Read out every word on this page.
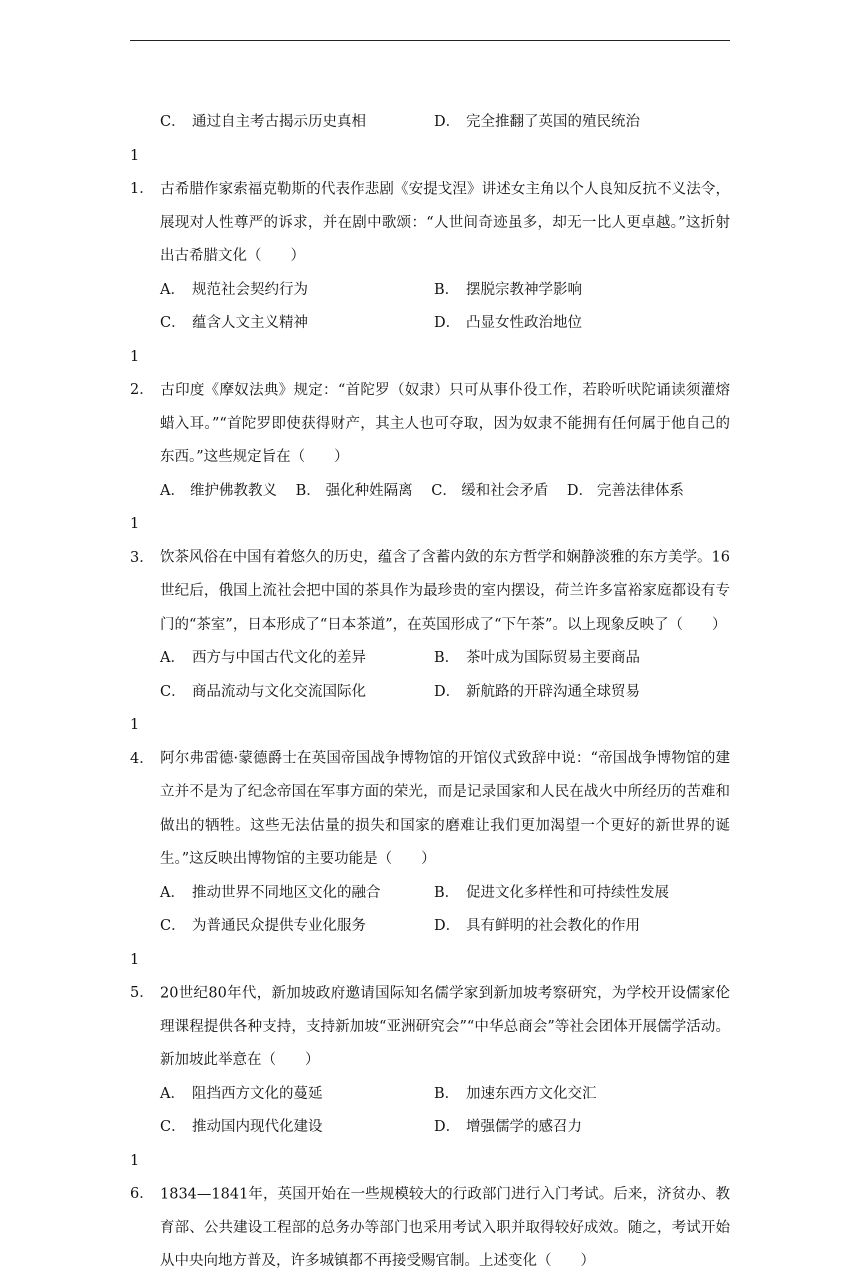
C． 通过自主考古揭示历史真相	D． 完全推翻了英国的殖民统治
11． 古希腊作家索福克勒斯的代表作悲剧《安提戈涅》讲述女主角以个人良知反抗不义法令，展现对人性尊严的诉求，并在剧中歌颂：“人世间奇迹虽多，却无一比人更卓越。”这折射出古希腊文化（　　）
A． 规范社会契约行为	B． 摆脱宗教神学影响
C． 蕴含人文主义精神	D． 凸显女性政治地位
12． 古印度《摩奴法典》规定：“首陀罗（奴隶）只可从事仆役工作，若聆听吠陀诵读须灌熔蜡入耳。”“首陀罗即使获得财产，其主人也可夺取，因为奴隶不能拥有任何属于他自己的东西。”这些规定旨在（　　）
A． 维护佛教教义 B． 强化种姓隔离 C． 缓和社会矛盾 D． 完善法律体系
13． 饮茶风俗在中国有着悠久的历史，蕴含了含蓄内敛的东方哲学和娴静淡雅的东方美学。16世纪后，俄国上流社会把中国的茶具作为最珍贵的室内摆设，荷兰许多富裕家庭都设有专门的“茶室”，日本形成了“日本茶道”，在英国形成了“下午茶”。以上现象反映了（　　）
A． 西方与中国古代文化的差异	B． 茶叶成为国际贸易主要商品
C． 商品流动与文化交流国际化	D． 新航路的开辟沟通全球贸易
14． 阿尔弗雷德·蒙德爵士在英国帝国战争博物馆的开馆仪式致辞中说：“帝国战争博物馆的建立并不是为了纪念帝国在军事方面的荣光，而是记录国家和人民在战火中所经历的苦难和做出的牺牲。这些无法估量的损失和国家的磨难让我们更加渴望一个更好的新世界的诞生。”这反映出博物馆的主要功能是（　　）
A． 推动世界不同地区文化的融合	B． 促进文化多样性和可持续性发展
C． 为普通民众提供专业化服务	D． 具有鲜明的社会教化的作用
15． 20世纪80年代，新加坡政府邀请国际知名儒学家到新加坡考察研究，为学校开设儒家伦理课程提供各种支持，支持新加坡“亚洲研究会”“中华总商会”等社会团体开展儒学活动。新加坡此举意在（　　）
A． 阻挡西方文化的蔓延	B． 加速东西方文化交汇
C． 推动国内现代化建设	D． 增强儒学的感召力
16． 1834—1841年，英国开始在一些规模较大的行政部门进行入门考试。后来，济贫办、教育部、公共建设工程部的总务办等部门也采用考试入职并取得较好成效。随之，考试开始从中央向地方普及，许多城镇都不再接受赐官制。上述变化（　　）
